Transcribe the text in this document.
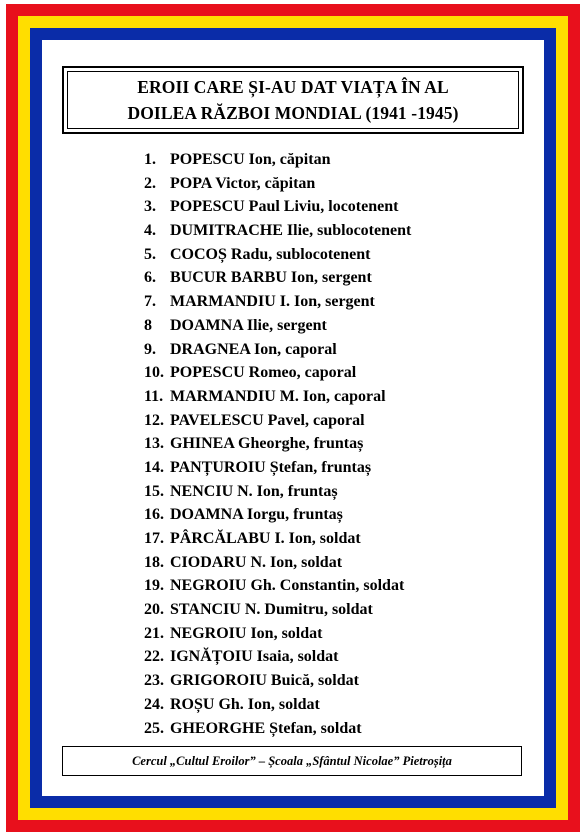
EROII CARE ȘI-AU DAT VIAȚA ÎN AL
DOILEA RĂZBOI MONDIAL (1941 -1945)
1. POPESCU Ion, căpitan
2. POPA Victor, căpitan
3. POPESCU Paul Liviu, locotenent
4. DUMITRACHE Ilie, sublocotenent
5. COCOȘ Radu, sublocotenent
6. BUCUR BARBU Ion, sergent
7. MARMANDIU I. Ion, sergent
8 DOAMNA Ilie, sergent
9. DRAGNEA Ion, caporal
10. POPESCU Romeo, caporal
11. MARMANDIU M. Ion, caporal
12. PAVELESCU Pavel, caporal
13. GHINEA Gheorghe, fruntaș
14. PANȚUROIU Ștefan, fruntaș
15. NENCIU N. Ion, fruntaș
16. DOAMNA Iorgu, fruntaș
17. PÂRCĂLABU I. Ion, soldat
18. CIODARU N. Ion, soldat
19. NEGROIU Gh. Constantin, soldat
20. STANCIU N. Dumitru, soldat
21. NEGROIU Ion, soldat
22. IGNĂȚOIU Isaia, soldat
23. GRIGOROIU Buică, soldat
24. ROȘU Gh. Ion, soldat
25. GHEORGHE Ștefan, soldat
Cercul „Cultul Eroilor” – Școala „Sfântul Nicolae” Pietroșița
